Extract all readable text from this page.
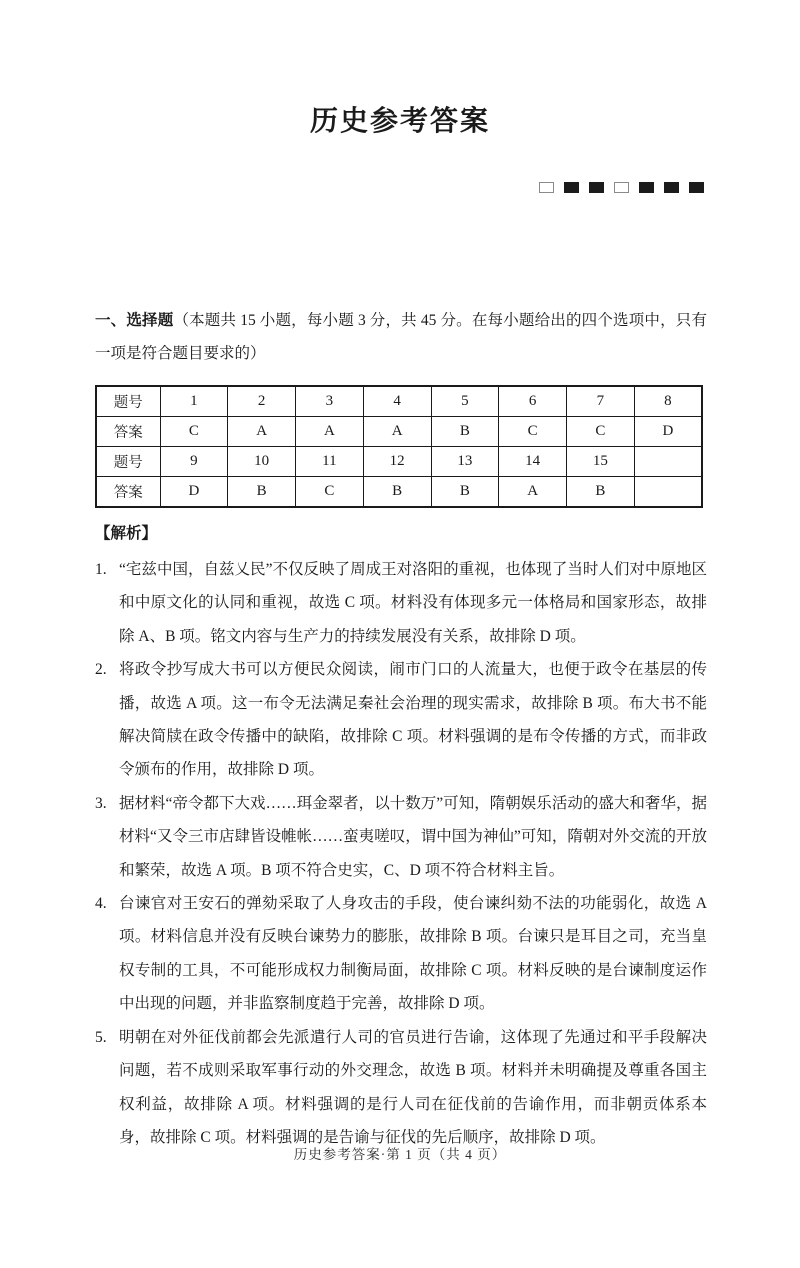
历史参考答案

一、选择题（本题共 15 小题，每小题 3 分，共 45 分。在每小题给出的四个选项中，只有一项是符合题目要求的）

题号	1	2	3	4	5	6	7	8
答案	C	A	A	A	B	C	C	D
题号	9	10	11	12	13	14	15	
答案	D	B	C	B	B	A	B	
【解析】
1. “宅兹中国，自兹乂民”不仅反映了周成王对洛阳的重视，也体现了当时人们对中原地区和中原文化的认同和重视，故选 C 项。材料没有体现多元一体格局和国家形态，故排除 A、B 项。铭文内容与生产力的持续发展没有关系，故排除 D 项。
2. 将政令抄写成大书可以方便民众阅读，闹市门口的人流量大，也便于政令在基层的传播，故选 A 项。这一布令无法满足秦社会治理的现实需求，故排除 B 项。布大书不能解决简牍在政令传播中的缺陷，故排除 C 项。材料强调的是布令传播的方式，而非政令颁布的作用，故排除 D 项。
3. 据材料“帝令都下大戏……珥金翠者，以十数万”可知，隋朝娱乐活动的盛大和奢华，据材料“又令三市店肆皆设帷帐……蛮夷嗟叹，谓中国为神仙”可知，隋朝对外交流的开放和繁荣，故选 A 项。B 项不符合史实，C、D 项不符合材料主旨。
4. 台谏官对王安石的弹劾采取了人身攻击的手段，使台谏纠劾不法的功能弱化，故选 A 项。材料信息并没有反映台谏势力的膨胀，故排除 B 项。台谏只是耳目之司，充当皇权专制的工具，不可能形成权力制衡局面，故排除 C 项。材料反映的是台谏制度运作中出现的问题，并非监察制度趋于完善，故排除 D 项。
5. 明朝在对外征伐前都会先派遣行人司的官员进行告谕，这体现了先通过和平手段解决问题，若不成则采取军事行动的外交理念，故选 B 项。材料并未明确提及尊重各国主权利益，故排除 A 项。材料强调的是行人司在征伐前的告谕作用，而非朝贡体系本身，故排除 C 项。材料强调的是告谕与征伐的先后顺序，故排除 D 项。
历史参考答案·第 1 页（共 4 页）
